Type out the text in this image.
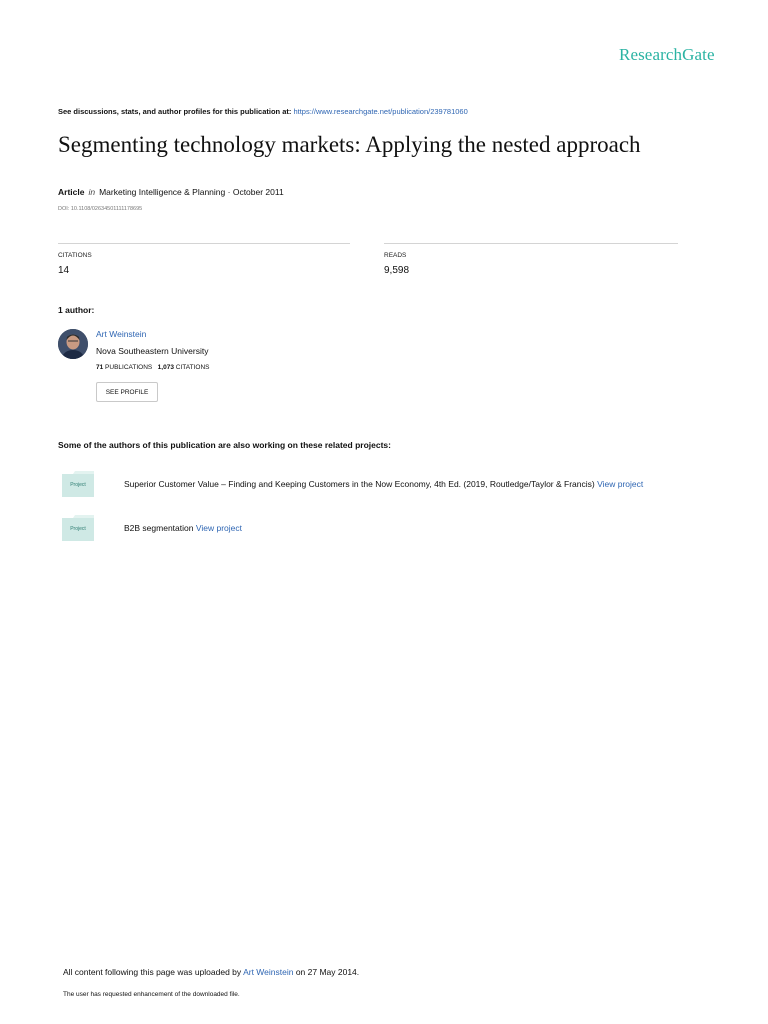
ResearchGate
See discussions, stats, and author profiles for this publication at: https://www.researchgate.net/publication/239781060
Segmenting technology markets: Applying the nested approach
Article in Marketing Intelligence & Planning · October 2011
DOI: 10.1108/02634501111178695
CITATIONS
14
READS
9,598
1 author:
Art Weinstein
Nova Southeastern University
71 PUBLICATIONS 1,073 CITATIONS
SEE PROFILE
Some of the authors of this publication are also working on these related projects:
Project	Superior Customer Value – Finding and Keeping Customers in the Now Economy, 4th Ed. (2019, Routledge/Taylor & Francis) View project
Project	B2B segmentation View project
All content following this page was uploaded by Art Weinstein on 27 May 2014.
The user has requested enhancement of the downloaded file.
